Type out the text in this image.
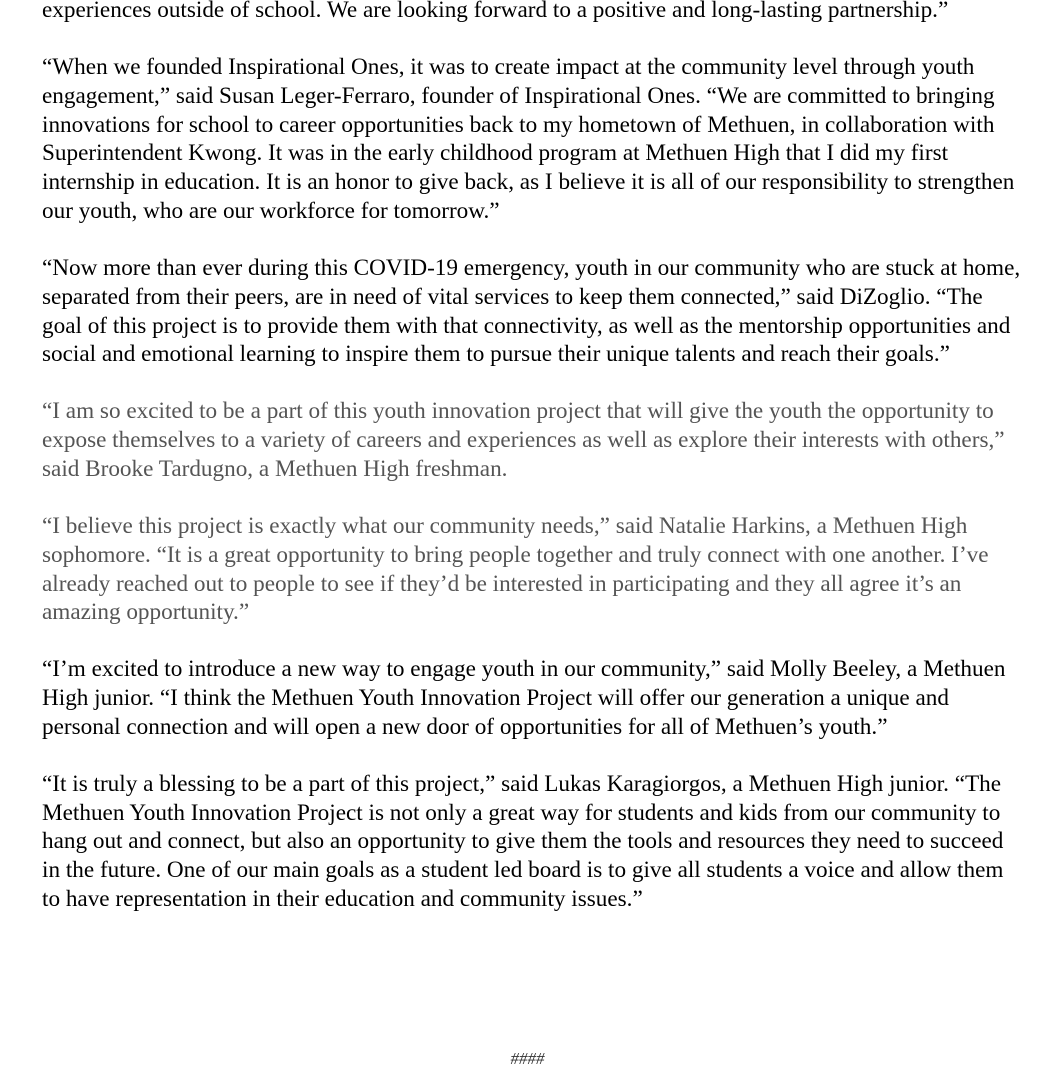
experiences outside of school. We are looking forward to a positive and long-lasting partnership.”

“When we founded Inspirational Ones, it was to create impact at the community level through youth engagement,” said Susan Leger-Ferraro, founder of Inspirational Ones. “We are committed to bringing innovations for school to career opportunities back to my hometown of Methuen, in collaboration with Superintendent Kwong. It was in the early childhood program at Methuen High that I did my first internship in education. It is an honor to give back, as I believe it is all of our responsibility to strengthen our youth, who are our workforce for tomorrow.”

“Now more than ever during this COVID-19 emergency, youth in our community who are stuck at home, separated from their peers, are in need of vital services to keep them connected,” said DiZoglio. “The goal of this project is to provide them with that connectivity, as well as the mentorship opportunities and social and emotional learning to inspire them to pursue their unique talents and reach their goals.”

“I am so excited to be a part of this youth innovation project that will give the youth the opportunity to expose themselves to a variety of careers and experiences as well as explore their interests with others,” said Brooke Tardugno, a Methuen High freshman.

“I believe this project is exactly what our community needs,” said Natalie Harkins, a Methuen High sophomore. “It is a great opportunity to bring people together and truly connect with one another. I’ve already reached out to people to see if they’d be interested in participating and they all agree it’s an amazing opportunity.”

“I’m excited to introduce a new way to engage youth in our community,” said Molly Beeley, a Methuen High junior. “I think the Methuen Youth Innovation Project will offer our generation a unique and personal connection and will open a new door of opportunities for all of Methuen’s youth.”

“It is truly a blessing to be a part of this project,” said Lukas Karagiorgos, a Methuen High junior. “The Methuen Youth Innovation Project is not only a great way for students and kids from our community to hang out and connect, but also an opportunity to give them the tools and resources they need to succeed in the future. One of our main goals as a student led board is to give all students a voice and allow them to have representation in their education and community issues.”

####
